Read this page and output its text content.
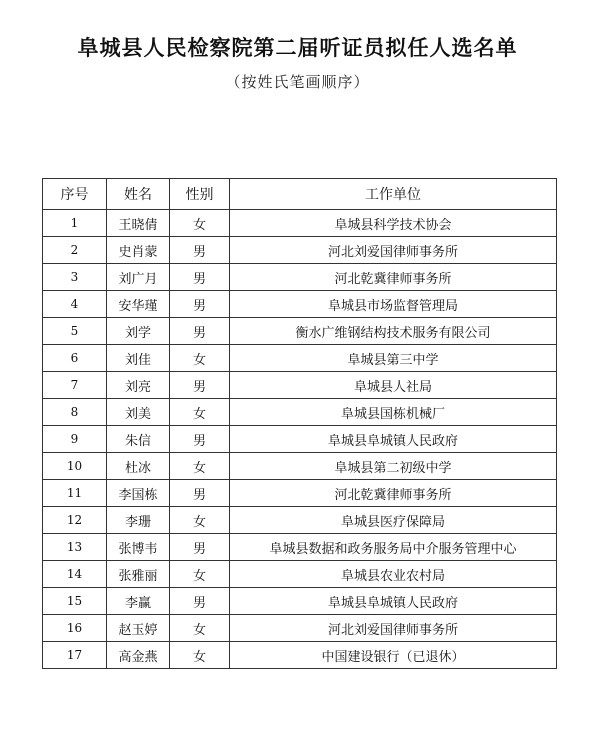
阜城县人民检察院第二届听证员拟任人选名单
（按姓氏笔画顺序）
序号	姓名	性别	工作单位
1	王晓倩	女	阜城县科学技术协会
2	史肖蒙	男	河北刘爱国律师事务所
3	刘广月	男	河北乾冀律师事务所
4	安华瑾	男	阜城县市场监督管理局
5	刘学	男	衡水广维钢结构技术服务有限公司
6	刘佳	女	阜城县第三中学
7	刘亮	男	阜城县人社局
8	刘美	女	阜城县国栋机械厂
9	朱信	男	阜城县阜城镇人民政府
10	杜冰	女	阜城县第二初级中学
11	李国栋	男	河北乾冀律师事务所
12	李珊	女	阜城县医疗保障局
13	张博韦	男	阜城县数据和政务服务局中介服务管理中心
14	张雅丽	女	阜城县农业农村局
15	李赢	男	阜城县阜城镇人民政府
16	赵玉婷	女	河北刘爱国律师事务所
17	高金燕	女	中国建设银行（已退休）
